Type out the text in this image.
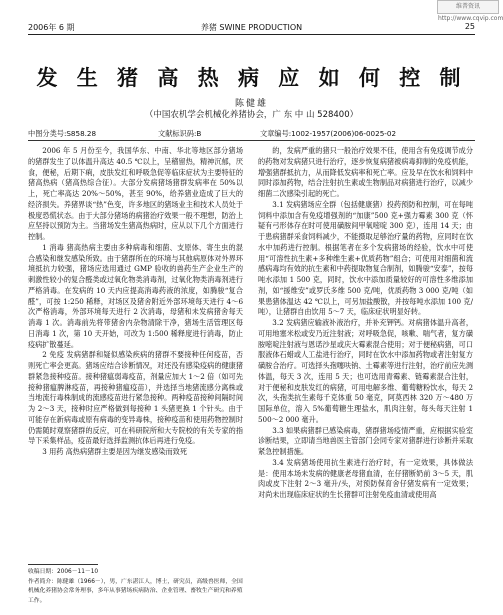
维普资讯 http://www.cqvip.com
2006年 6 期	养猪 SWINE PRODUCTION	25
发 生 猪 高 热 病 应 如 何 控 制
陈健雄
（中国农机学会机械化养猪协会，广 东 中 山 528400）
中图分类号:S858.28	文献标识码:B	文章编号:1002-1957(2006)06-0025-02

2006 年 5 月份至今，我国华东、中南、华北等地区部分猪场的猪群发生了以体温升高达 40.5 ℃以上，呈稽留热，精神沉郁，厌食，便秘，后期下痢，皮肤发红和呼吸急促等临床症状为主要特征的猪高热病（猪高热综合征）。大部分发病猪场猪群发病率在 50%以上，死亡率高达 20%～50%，甚至 90%，给养猪业造成了巨大的经济损失。养猪界谈“热”色变，许多地区的猪场业主和技术人员处于极度恐慌状态。由于大部分猪场的病猪治疗效果一般不理想，防治上应坚持以预防为主。当猪场发生猪高热病时，应从以下几个方面进行控制。

1 消毒 猪高热病主要由多种病毒和细菌、支原体、寄生虫的混合感染和继发感染所致。由于猪群所在的环境与其他病原体对外界环境抵抗力较强，猪场应选用通过 GMP 验收的兽药生产企业生产的刺激性较小的复合醛类或过氧化物类消毒剂，过氧化物类消毒剂进行严格消毒。在发病的 10 天内应提高消毒药液的浓度，如腾骏“复合醛”，可按 1:250 稀释，对场区及猪舍附近外部环境每天进行 4～6 次严格消毒，外部环境每天进行 2 次消毒，母猪和未发病猪舍每天消毒 1 次。消毒前先将带猪舍内杂物清除干净，猪场生活管理区每日消毒 1 次，第 10 天开始，可改为 1:500 稀释度进行消毒，防止疫病扩散蔓延。

2 免疫 发病猪群和疑似感染疾病的猪群不要接种任何疫苗，否则死亡率会更高。猪场应结合诊断情况，对还没有感染疫病的健康猪群紧急接种疫苗。接种猪瘟弱毒疫苗，剂量应加大 1～2 倍（如可先接种猪瘟脾淋疫苗，再接种猪瘟疫苗），并选择当地猪流感分离株或当地流行毒株制成的流感疫苗进行紧急接种。两种疫苗接种间隔时间为 2～3 天，接种时应严格做到每接种 1 头猪更换 1 个针头。由于可能存在新病毒或原有病毒的变异毒株，接种疫苗和使用药物控制时仍需随时观察猪群的反应，可在科研院所和大专院校的有关专家的指导下采集样品，疫苗最好选择监测抗体后再进行免疫。

3 用药 高热病猪群主要是因为继发感染而致死

的，发病严重的猪只一般治疗效果不佳，使用含有免疫调节成分的药物对发病猪只进行治疗，逐步恢复病猪被病毒抑制的免疫机能，增强猪群抵抗力，从而降低发病率和死亡率。应及早在饮水和饲料中同时添加药物，结合注射抗生素或生物制品对病猪进行治疗，以减少细菌二次感染引起的死亡。

3.1 发病猪场应全群（包括健康猪）投药预防和控制，可在每吨饲料中添加含有免疫增强剂的“加康”500 克+强力霉素 300 克（怀疑有弓形体存在时可使用磺胺间甲氧嘧啶 300 克），连用 14 天；由于患病猪群采食饲料减少，不能摄取足够治疗量的药物，应同时在饮水中加药进行控制。根据笔者在多个发病猪场的经验，饮水中可使用“可溶性抗生素+多种维生素+优质药物”组合；可使用对细菌和流感病毒均有效的抗生素和中药提取物复合制剂，如腾骏“安泰”，按每吨水添加 1 500 克，同时，饮水中添加质量较好的可溶性多维添加剂，如“援维安”或罗氏多维 500 克/吨，优质药物 3 000 克/吨（如果患猪体温达 42 ℃以上，可另加盐酸散，并按每吨水添加 100 克/吨），让猪群自由饮用 5～7 天，临床症状明显好转。

3.2 发病猪应输液补液治疗，并补充钾钙。对病猪体温升高者，可用地塞米松或安乃近注射液；对呼吸急促，咳嗽、喘气者，复方磺胺嘧啶注射液与恩诺沙星或庆大霉素混合使用；对于便秘病猪，可口服液体石蜡或人工盐进行治疗，同时在饮水中添加药物或者注射复方磺胺合治疗。可选择头孢噻呋钠、土霉素等进行注射，治疗前应先测体温，每天 3 次，连用 5 天；也可选用青霉素、链霉素混合注射，对于便秘和皮肤发红的病猪，可用电解多维、葡萄糖粉饮水，每天 2 次，头孢类抗生素每千克体重 50 毫克，阿莫西林 320 万～480 万国际单位，溶入 5%葡萄糖生理盐水，肌肉注射，每头每天注射 1 500～2 000 毫升。

3.3 如果病猪群已感染病毒，猪群猪场疫情严重，应根据实验室诊断结果，立即请当地兽医主管部门会同专家对猪群进行诊断并采取紧急控制措施。

3.4 发病猪场使用抗生素进行治疗时，有一定效果，具体做法是：使用本场未发病的健康老母猪血清，在仔猪断奶前 3～5 天，肌肉或皮下注射 2～3 毫升/头，对预防保育舍仔猪发病有一定效果；对尚未出现临床症状的生长猪群可注射免疫血清或使用高

收稿日期：2006－11－10
作者简介：陈健雄（1966－），男，广东湛江人，博士，研究员，高级兽医师，全国机械化养猪协会常务理事，多年从事猪场疾病防治、企业管理、畜牧生产研究和养殖工作。
